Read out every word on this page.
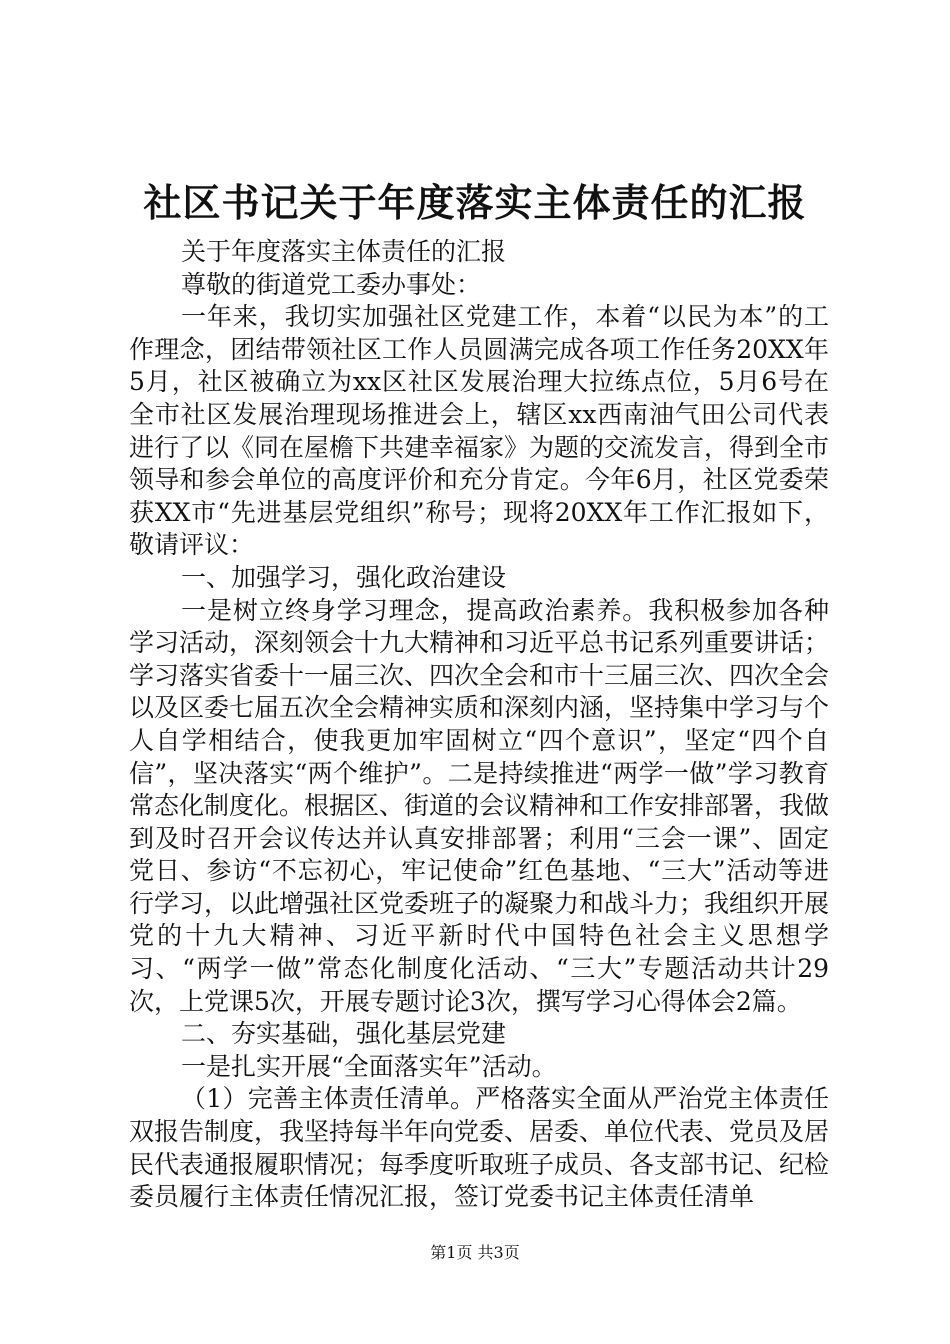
社区书记关于年度落实主体责任的汇报

关于年度落实主体责任的汇报

尊敬的街道党工委办事处：

一年来，我切实加强社区党建工作，本着“以民为本”的工作理念，团结带领社区工作人员圆满完成各项工作任务20XX年5月，社区被确立为xx区社区发展治理大拉练点位，5月6号在全市社区发展治理现场推进会上，辖区xx西南油气田公司代表进行了以《同在屋檐下共建幸福家》为题的交流发言，得到全市领导和参会单位的高度评价和充分肯定。今年6月，社区党委荣获XX市“先进基层党组织”称号；现将20XX年工作汇报如下，敬请评议：

一、加强学习，强化政治建设

一是树立终身学习理念，提高政治素养。我积极参加各种学习活动，深刻领会十九大精神和习近平总书记系列重要讲话；学习落实省委十一届三次、四次全会和市十三届三次、四次全会以及区委七届五次全会精神实质和深刻内涵，坚持集中学习与个人自学相结合，使我更加牢固树立“四个意识”，坚定“四个自信”，坚决落实“两个维护”。二是持续推进“两学一做”学习教育常态化制度化。根据区、街道的会议精神和工作安排部署，我做到及时召开会议传达并认真安排部署；利用“三会一课”、固定党日、参访“不忘初心，牢记使命”红色基地、“三大”活动等进行学习，以此增强社区党委班子的凝聚力和战斗力；我组织开展党的十九大精神、习近平新时代中国特色社会主义思想学习、“两学一做”常态化制度化活动、“三大”专题活动共计29次，上党课5次，开展专题讨论3次，撰写学习心得体会2篇。

二、夯实基础，强化基层党建

一是扎实开展“全面落实年”活动。

（1）完善主体责任清单。严格落实全面从严治党主体责任双报告制度，我坚持每半年向党委、居委、单位代表、党员及居民代表通报履职情况；每季度听取班子成员、各支部书记、纪检委员履行主体责任情况汇报，签订党委书记主体责任清单

第1页 共3页
